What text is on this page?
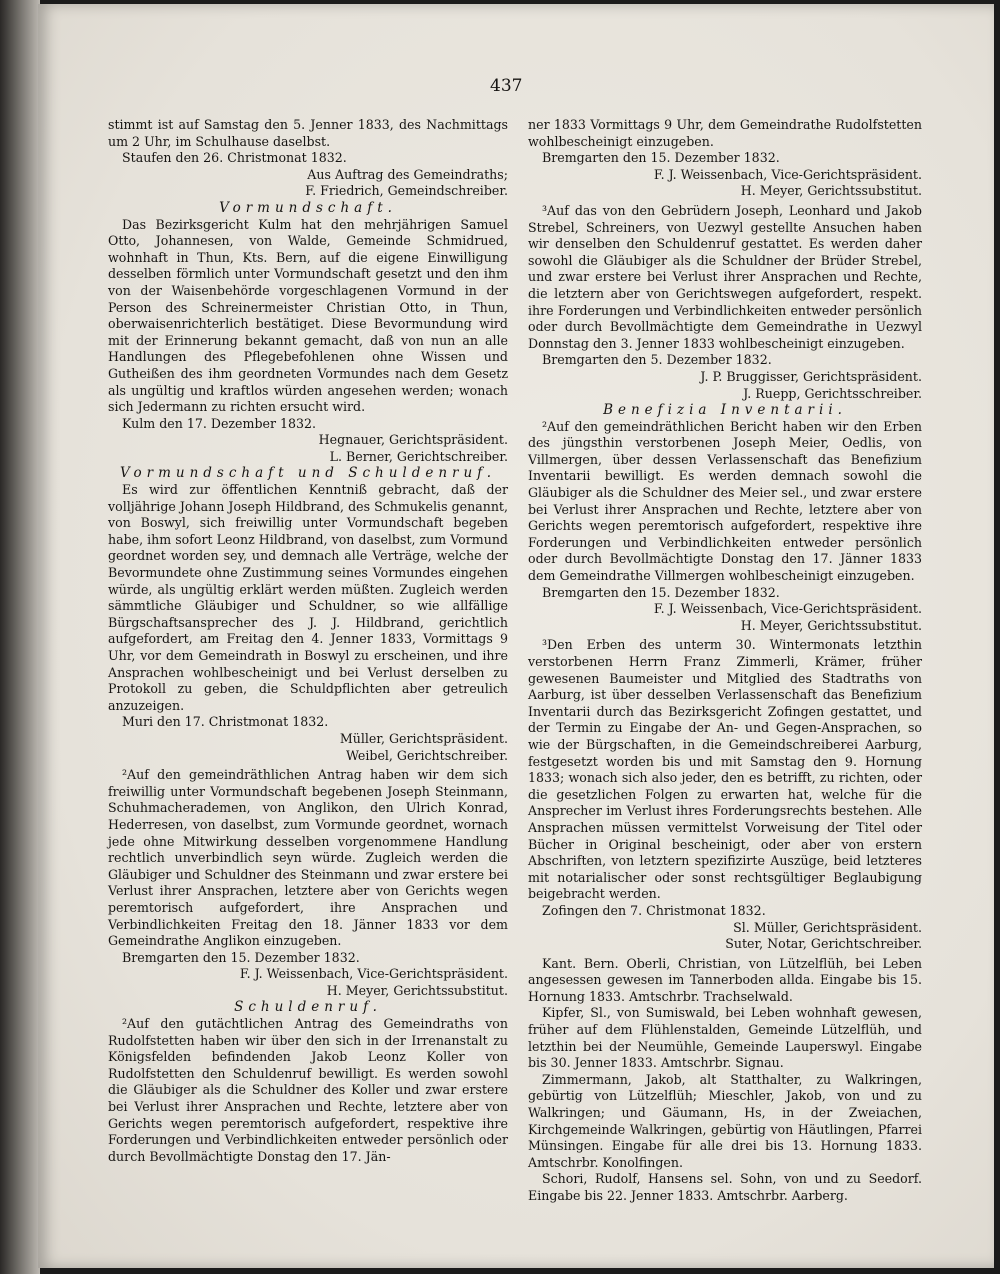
437

stimmt ist auf Samstag den 5. Jenner 1833, des Nachmittags um 2 Uhr, im Schulhause daselbst.

Staufen den 26. Christmonat 1832.

Aus Auftrag des Gemeindraths;

F. Friedrich, Gemeindschreiber.

Vormundschaft.

Das Bezirksgericht Kulm hat den mehrjährigen Samuel Otto, Johannesen, von Walde, Gemeinde Schmidrued, wohnhaft in Thun, Kts. Bern, auf die eigene Einwilligung desselben förmlich unter Vormundschaft gesetzt und den ihm von der Waisenbehörde vorgeschlagenen Vormund in der Person des Schreinermeister Christian Otto, in Thun, oberwaisenrichterlich bestätiget. Diese Bevormundung wird mit der Erinnerung bekannt gemacht, daß von nun an alle Handlungen des Pflegebefohlenen ohne Wissen und Gutheißen des ihm geordneten Vormundes nach dem Gesetz als ungültig und kraftlos würden angesehen werden; wonach sich Jedermann zu richten ersucht wird.

Kulm den 17. Dezember 1832.

Hegnauer, Gerichtspräsident.

L. Berner, Gerichtschreiber.

Vormundschaft und Schuldenruf.

Es wird zur öffentlichen Kenntniß gebracht, daß der volljährige Johann Joseph Hildbrand, des Schmukelis genannt, von Boswyl, sich freiwillig unter Vormundschaft begeben habe, ihm sofort Leonz Hildbrand, von daselbst, zum Vormund geordnet worden sey, und demnach alle Verträge, welche der Bevormundete ohne Zustimmung seines Vormundes eingehen würde, als ungültig erklärt werden müßten. Zugleich werden sämmtliche Gläubiger und Schuldner, so wie allfällige Bürgschaftsansprecher des J. J. Hildbrand, gerichtlich aufgefordert, am Freitag den 4. Jenner 1833, Vormittags 9 Uhr, vor dem Gemeindrath in Boswyl zu erscheinen, und ihre Ansprachen wohlbescheinigt und bei Verlust derselben zu Protokoll zu geben, die Schuldpflichten aber getreulich anzuzeigen.

Muri den 17. Christmonat 1832.

Müller, Gerichtspräsident.

Weibel, Gerichtschreiber.

²Auf den gemeindräthlichen Antrag haben wir dem sich freiwillig unter Vormundschaft begebenen Joseph Steinmann, Schuhmacherademen, von Anglikon, den Ulrich Konrad, Hederresen, von daselbst, zum Vormunde geordnet, wornach jede ohne Mitwirkung desselben vorgenommene Handlung rechtlich unverbindlich seyn würde. Zugleich werden die Gläubiger und Schuldner des Steinmann und zwar erstere bei Verlust ihrer Ansprachen, letztere aber von Gerichts wegen peremtorisch aufgefordert, ihre Ansprachen und Verbindlichkeiten Freitag den 18. Jänner 1833 vor dem Gemeindrathe Anglikon einzugeben.

Bremgarten den 15. Dezember 1832.

F. J. Weissenbach, Vice-Gerichtspräsident.

H. Meyer, Gerichtssubstitut.

Schuldenruf.

²Auf den gutächtlichen Antrag des Gemeindraths von Rudolfstetten haben wir über den sich in der Irrenanstalt zu Königsfelden befindenden Jakob Leonz Koller von Rudolfstetten den Schuldenruf bewilligt. Es werden sowohl die Gläubiger als die Schuldner des Koller und zwar erstere bei Verlust ihrer Ansprachen und Rechte, letztere aber von Gerichts wegen peremtorisch aufgefordert, respektive ihre Forderungen und Verbindlichkeiten entweder persönlich oder durch Bevollmächtigte Donstag den 17. Jän-

ner 1833 Vormittags 9 Uhr, dem Gemeindrathe Rudolfstetten wohlbescheinigt einzugeben.

Bremgarten den 15. Dezember 1832.

F. J. Weissenbach, Vice-Gerichtspräsident.

H. Meyer, Gerichtssubstitut.

³Auf das von den Gebrüdern Joseph, Leonhard und Jakob Strebel, Schreiners, von Uezwyl gestellte Ansuchen haben wir denselben den Schuldenruf gestattet. Es werden daher sowohl die Gläubiger als die Schuldner der Brüder Strebel, und zwar erstere bei Verlust ihrer Ansprachen und Rechte, die letztern aber von Gerichtswegen aufgefordert, respekt. ihre Forderungen und Verbindlichkeiten entweder persönlich oder durch Bevollmächtigte dem Gemeindrathe in Uezwyl Donnstag den 3. Jenner 1833 wohlbescheinigt einzugeben.

Bremgarten den 5. Dezember 1832.

J. P. Bruggisser, Gerichtspräsident.

J. Ruepp, Gerichtsschreiber.

Benefizia Inventarii.

²Auf den gemeindräthlichen Bericht haben wir den Erben des jüngsthin verstorbenen Joseph Meier, Oedlis, von Villmergen, über dessen Verlassenschaft das Benefizium Inventarii bewilligt. Es werden demnach sowohl die Gläubiger als die Schuldner des Meier sel., und zwar erstere bei Verlust ihrer Ansprachen und Rechte, letztere aber von Gerichts wegen peremtorisch aufgefordert, respektive ihre Forderungen und Verbindlichkeiten entweder persönlich oder durch Bevollmächtigte Donstag den 17. Jänner 1833 dem Gemeindrathe Villmergen wohlbescheinigt einzugeben.

Bremgarten den 15. Dezember 1832.

F. J. Weissenbach, Vice-Gerichtspräsident.

H. Meyer, Gerichtssubstitut.

³Den Erben des unterm 30. Wintermonats letzthin verstorbenen Herrn Franz Zimmerli, Krämer, früher gewesenen Baumeister und Mitglied des Stadtraths von Aarburg, ist über desselben Verlassenschaft das Benefizium Inventarii durch das Bezirksgericht Zofingen gestattet, und der Termin zu Eingabe der An- und Gegen-Ansprachen, so wie der Bürgschaften, in die Gemeindschreiberei Aarburg, festgesetzt worden bis und mit Samstag den 9. Hornung 1833; wonach sich also jeder, den es betrifft, zu richten, oder die gesetzlichen Folgen zu erwarten hat, welche für die Ansprecher im Verlust ihres Forderungsrechts bestehen. Alle Ansprachen müssen vermittelst Vorweisung der Titel oder Bücher in Original bescheinigt, oder aber von erstern Abschriften, von letztern spezifizirte Auszüge, beid letzteres mit notarialischer oder sonst rechtsgültiger Beglaubigung beigebracht werden.

Zofingen den 7. Christmonat 1832.

Sl. Müller, Gerichtspräsident.

Suter, Notar, Gerichtschreiber.

Kant. Bern. Oberli, Christian, von Lützelflüh, bei Leben angesessen gewesen im Tannerboden allda. Eingabe bis 15. Hornung 1833. Amtschrbr. Trachselwald.

Kipfer, Sl., von Sumiswald, bei Leben wohnhaft gewesen, früher auf dem Flühlenstalden, Gemeinde Lützelflüh, und letzthin bei der Neumühle, Gemeinde Lauperswyl. Eingabe bis 30. Jenner 1833. Amtschrbr. Signau.

Zimmermann, Jakob, alt Statthalter, zu Walkringen, gebürtig von Lützelflüh; Mieschler, Jakob, von und zu Walkringen; und Gäumann, Hs, in der Zweiachen, Kirchgemeinde Walkringen, gebürtig von Häutlingen, Pfarrei Münsingen. Eingabe für alle drei bis 13. Hornung 1833. Amtschrbr. Konolfingen.

Schori, Rudolf, Hansens sel. Sohn, von und zu Seedorf. Eingabe bis 22. Jenner 1833. Amtschrbr. Aarberg.
